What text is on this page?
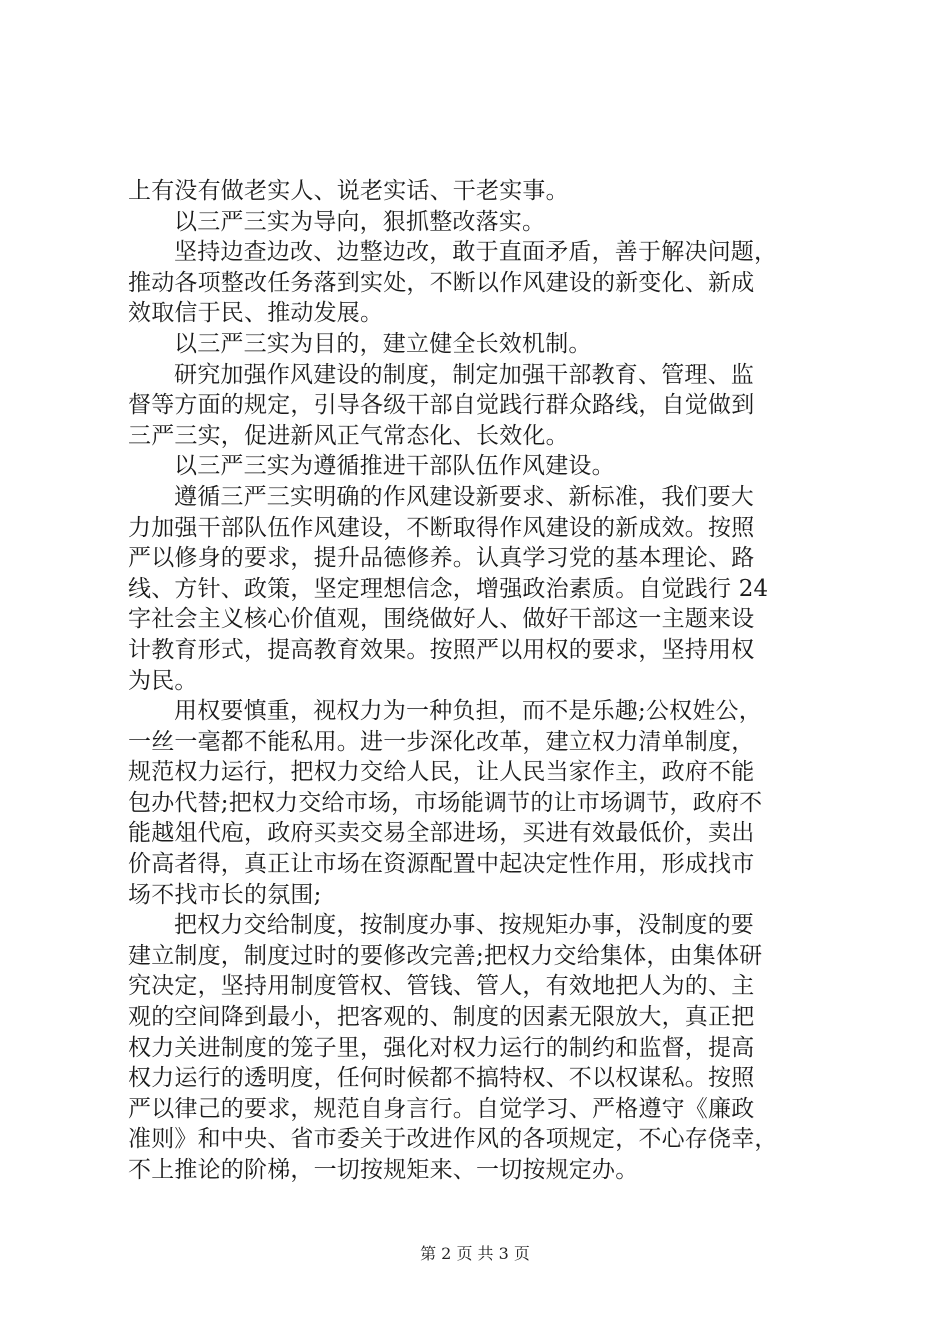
上有没有做老实人、说老实话、干老实事。
以三严三实为导向，狠抓整改落实。
坚持边查边改、边整边改，敢于直面矛盾，善于解决问题，
推动各项整改任务落到实处，不断以作风建设的新变化、新成
效取信于民、推动发展。
以三严三实为目的，建立健全长效机制。
研究加强作风建设的制度，制定加强干部教育、管理、监
督等方面的规定，引导各级干部自觉践行群众路线，自觉做到
三严三实，促进新风正气常态化、长效化。
以三严三实为遵循推进干部队伍作风建设。
遵循三严三实明确的作风建设新要求、新标准，我们要大
力加强干部队伍作风建设，不断取得作风建设的新成效。按照
严以修身的要求，提升品德修养。认真学习党的基本理论、路
线、方针、政策，坚定理想信念，增强政治素质。自觉践行 24
字社会主义核心价值观，围绕做好人、做好干部这一主题来设
计教育形式，提高教育效果。按照严以用权的要求，坚持用权
为民。
用权要慎重，视权力为一种负担，而不是乐趣;公权姓公，
一丝一毫都不能私用。进一步深化改革，建立权力清单制度，
规范权力运行，把权力交给人民，让人民当家作主，政府不能
包办代替;把权力交给市场，市场能调节的让市场调节，政府不
能越俎代庖，政府买卖交易全部进场，买进有效最低价，卖出
价高者得，真正让市场在资源配置中起决定性作用，形成找市
场不找市长的氛围;
把权力交给制度，按制度办事、按规矩办事，没制度的要
建立制度，制度过时的要修改完善;把权力交给集体，由集体研
究决定，坚持用制度管权、管钱、管人，有效地把人为的、主
观的空间降到最小，把客观的、制度的因素无限放大，真正把
权力关进制度的笼子里，强化对权力运行的制约和监督，提高
权力运行的透明度，任何时候都不搞特权、不以权谋私。按照
严以律己的要求，规范自身言行。自觉学习、严格遵守《廉政
准则》和中央、省市委关于改进作风的各项规定，不心存侥幸，
不上推论的阶梯，一切按规矩来、一切按规定办。
第 2 页 共 3 页
